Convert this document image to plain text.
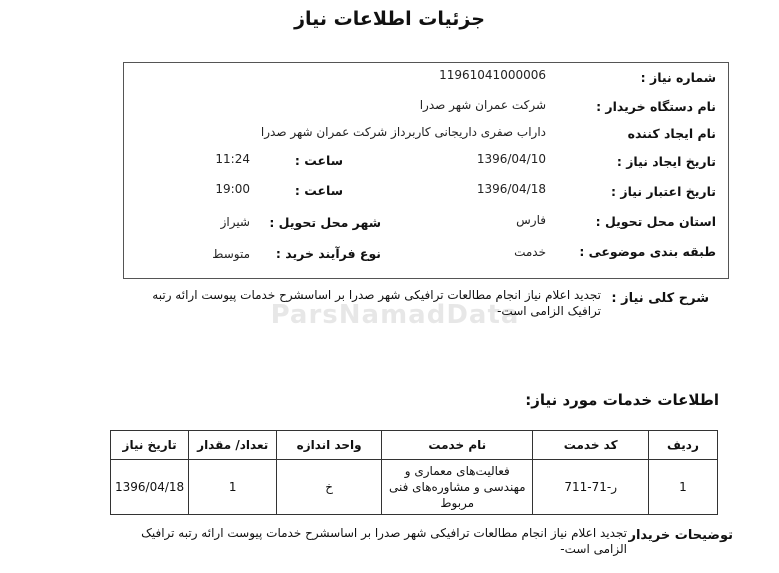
جزئیات اطلاعات نیاز
شماره نیاز :
11961041000006
نام دستگاه خریدار :
شرکت عمران شهر صدرا
نام ایجاد کننده
داراب صفری داریجانی کاربرداز شرکت عمران شهر صدرا
تاریخ ایجاد نیاز :
1396/04/10
ساعت :
11:24
تاریخ اعتبار نیاز :
1396/04/18
ساعت :
19:00
استان محل تحویل :
فارس
شهر محل تحویل :
شیراز
طبقه بندی موضوعی :
خدمت
نوع فرآیند خرید :
متوسط
ParsNamadData
شرح کلی نیاز :
تجدید اعلام نیاز انجام مطالعات ترافیکی شهر صدرا بر اساسشرح خدمات پیوست ارائه رتبه ترافیک الزامی است-
اطلاعات خدمات مورد نیاز:
ردیف	کد خدمت	نام خدمت	واحد اندازه	تعداد/ مقدار	تاریخ نیاز
1	ر-71-711	فعالیت‌های معماری و مهندسی و مشاوره‌های فنی مربوط	خ	1	1396/04/18
توضیحات خریدار
تجدید اعلام نیاز انجام مطالعات ترافیکی شهر صدرا بر اساسشرح خدمات پیوست ارائه رتبه ترافیک الزامی است-
